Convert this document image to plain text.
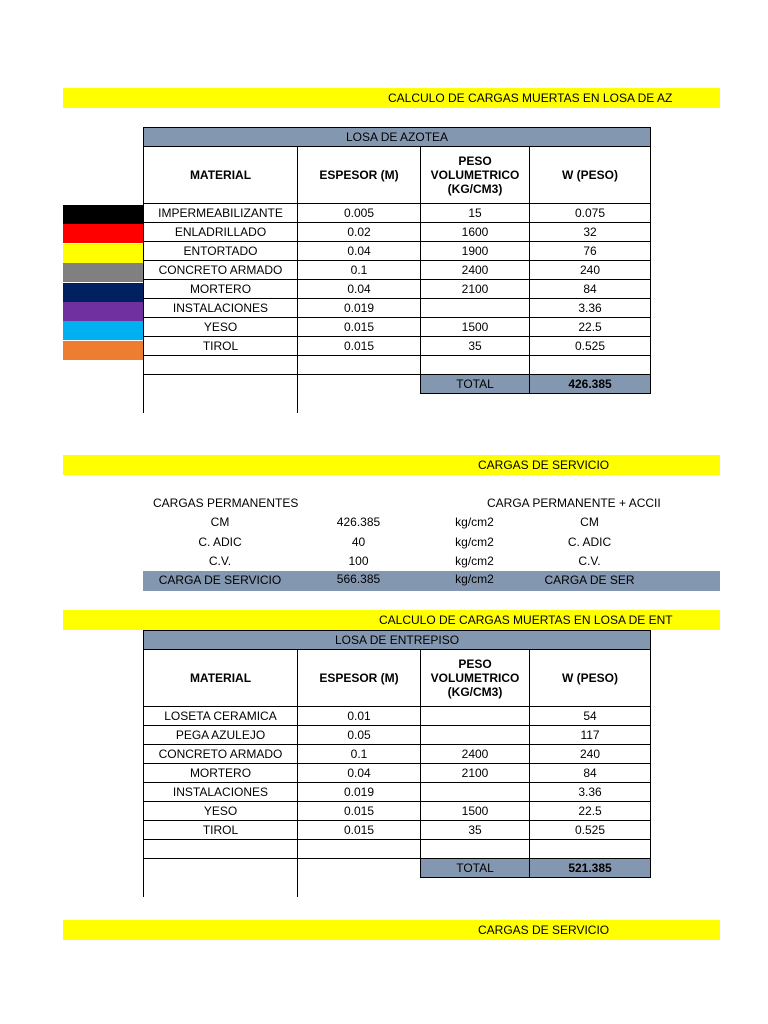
CALCULO DE CARGAS MUERTAS EN LOSA DE AZ
LOSA DE AZOTEA			
MATERIAL	ESPESOR (M)	PESO
VOLUMETRICO
(KG/CM3)	W (PESO)
IMPERMEABILIZANTE	0.005	15	0.075
ENLADRILLADO	0.02	1600	32
ENTORTADO	0.04	1900	76
CONCRETO ARMADO	0.1	2400	240
MORTERO	0.04	2100	84
INSTALACIONES	0.019		3.36
YESO	0.015	1500	22.5
TIROL	0.015	35	0.525

		TOTAL	426.385

CARGAS DE SERVICIO
CARGAS PERMANENTES	CARGA PERMANENTE + ACCII
CM	426.385	kg/cm2	CM
C. ADIC	40	kg/cm2	C. ADIC
C.V.	100	kg/cm2	C.V.
CARGA DE SERVICIO	566.385	kg/cm2	CARGA DE SER
CALCULO DE CARGAS MUERTAS EN LOSA DE ENT
LOSA DE ENTREPISO			
MATERIAL	ESPESOR (M)	PESO
VOLUMETRICO
(KG/CM3)	W (PESO)
LOSETA CERAMICA	0.01		54
PEGA AZULEJO	0.05		117
CONCRETO ARMADO	0.1	2400	240
MORTERO	0.04	2100	84
INSTALACIONES	0.019		3.36
YESO	0.015	1500	22.5
TIROL	0.015	35	0.525

		TOTAL	521.385

CARGAS DE SERVICIO
